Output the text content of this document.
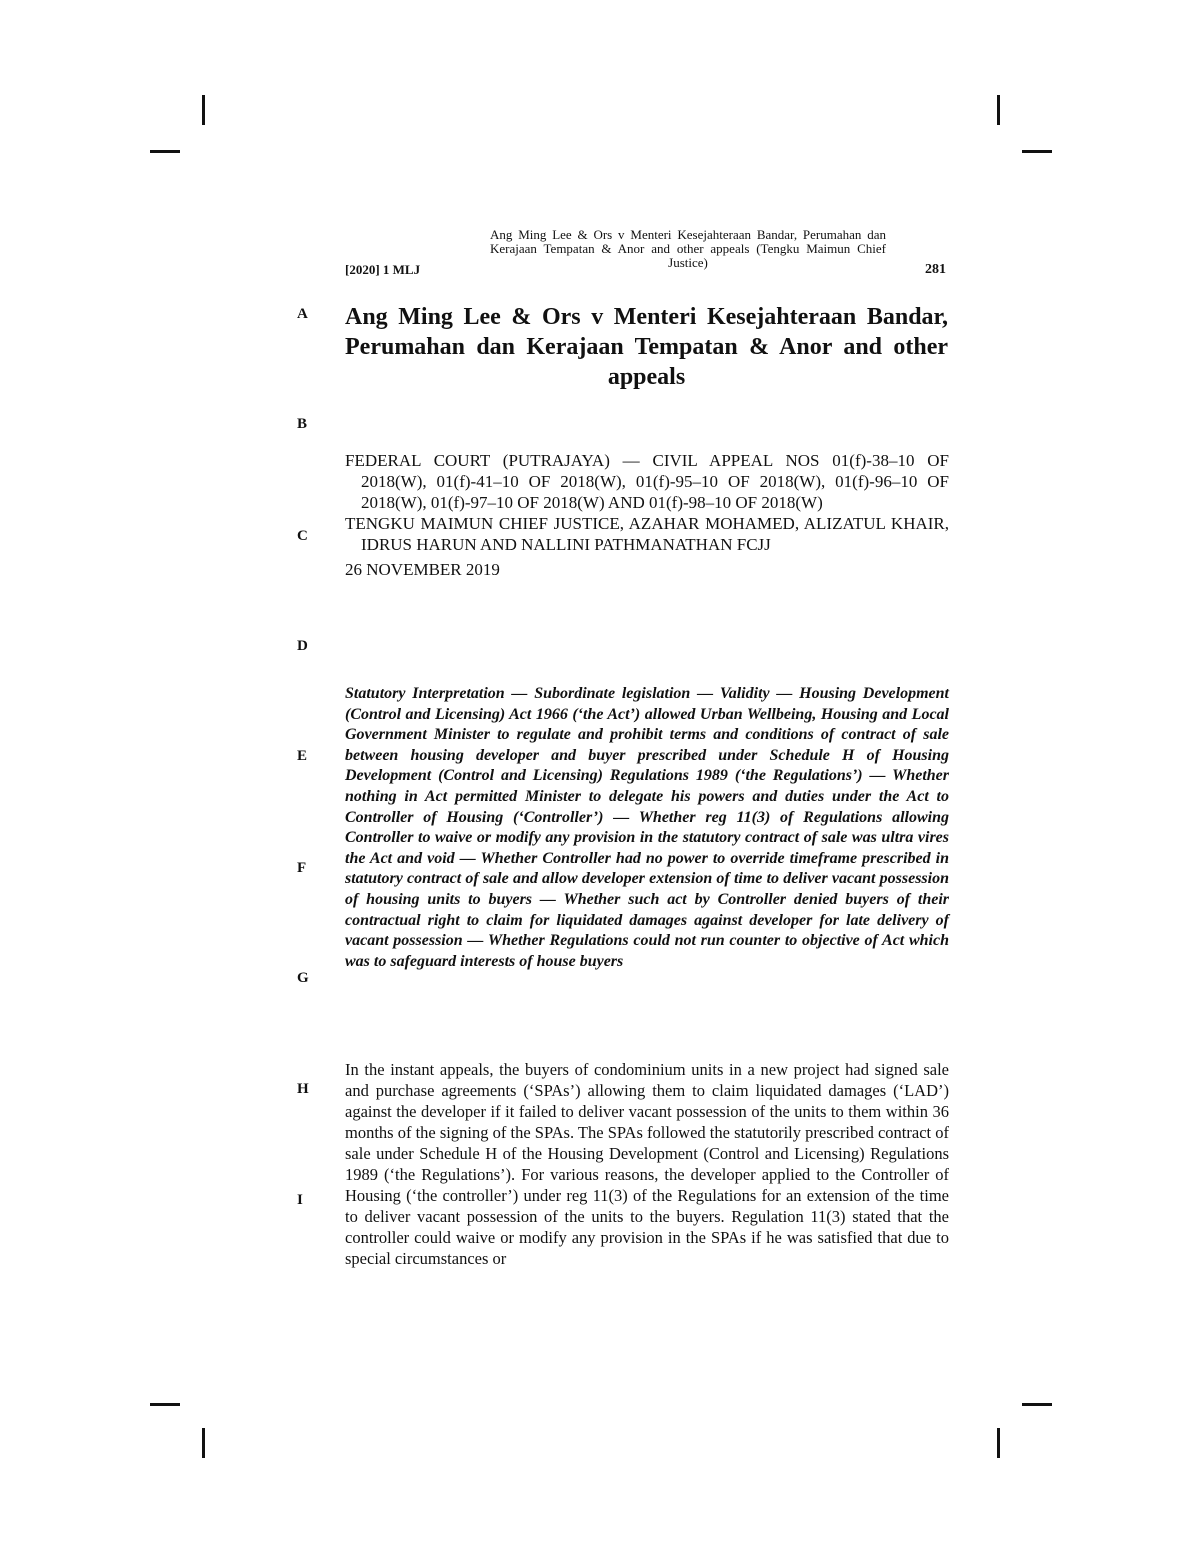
[2020] 1 MLJ
Ang Ming Lee & Ors v Menteri Kesejahteraan Bandar, Perumahan dan Kerajaan Tempatan & Anor and other appeals (Tengku Maimun Chief Justice)	281
A
B
C
D
E
F
G
H
I
Ang Ming Lee & Ors v Menteri Kesejahteraan Bandar, Perumahan dan Kerajaan Tempatan & Anor and other appeals
FEDERAL COURT (PUTRAJAYA) — CIVIL APPEAL NOS 01(f)-38–10 OF 2018(W), 01(f)-41–10 OF 2018(W), 01(f)-95–10 OF 2018(W), 01(f)-96–10 OF 2018(W), 01(f)-97–10 OF 2018(W) AND 01(f)-98–10 OF 2018(W)
TENGKU MAIMUN CHIEF JUSTICE, AZAHAR MOHAMED, ALIZATUL KHAIR, IDRUS HARUN AND NALLINI PATHMANATHAN FCJJ
26 NOVEMBER 2019
Statutory Interpretation — Subordinate legislation — Validity — Housing Development (Control and Licensing) Act 1966 (‘the Act’) allowed Urban Wellbeing, Housing and Local Government Minister to regulate and prohibit terms and conditions of contract of sale between housing developer and buyer prescribed under Schedule H of Housing Development (Control and Licensing) Regulations 1989 (‘the Regulations’) — Whether nothing in Act permitted Minister to delegate his powers and duties under the Act to Controller of Housing (‘Controller’) — Whether reg 11(3) of Regulations allowing Controller to waive or modify any provision in the statutory contract of sale was ultra vires the Act and void — Whether Controller had no power to override timeframe prescribed in statutory contract of sale and allow developer extension of time to deliver vacant possession of housing units to buyers — Whether such act by Controller denied buyers of their contractual right to claim for liquidated damages against developer for late delivery of vacant possession — Whether Regulations could not run counter to objective of Act which was to safeguard interests of house buyers
In the instant appeals, the buyers of condominium units in a new project had signed sale and purchase agreements (‘SPAs’) allowing them to claim liquidated damages (‘LAD’) against the developer if it failed to deliver vacant possession of the units to them within 36 months of the signing of the SPAs. The SPAs followed the statutorily prescribed contract of sale under Schedule H of the Housing Development (Control and Licensing) Regulations 1989 (‘the Regulations’). For various reasons, the developer applied to the Controller of Housing (‘the controller’) under reg 11(3) of the Regulations for an extension of the time to deliver vacant possession of the units to the buyers. Regulation 11(3) stated that the controller could waive or modify any provision in the SPAs if he was satisfied that due to special circumstances or
